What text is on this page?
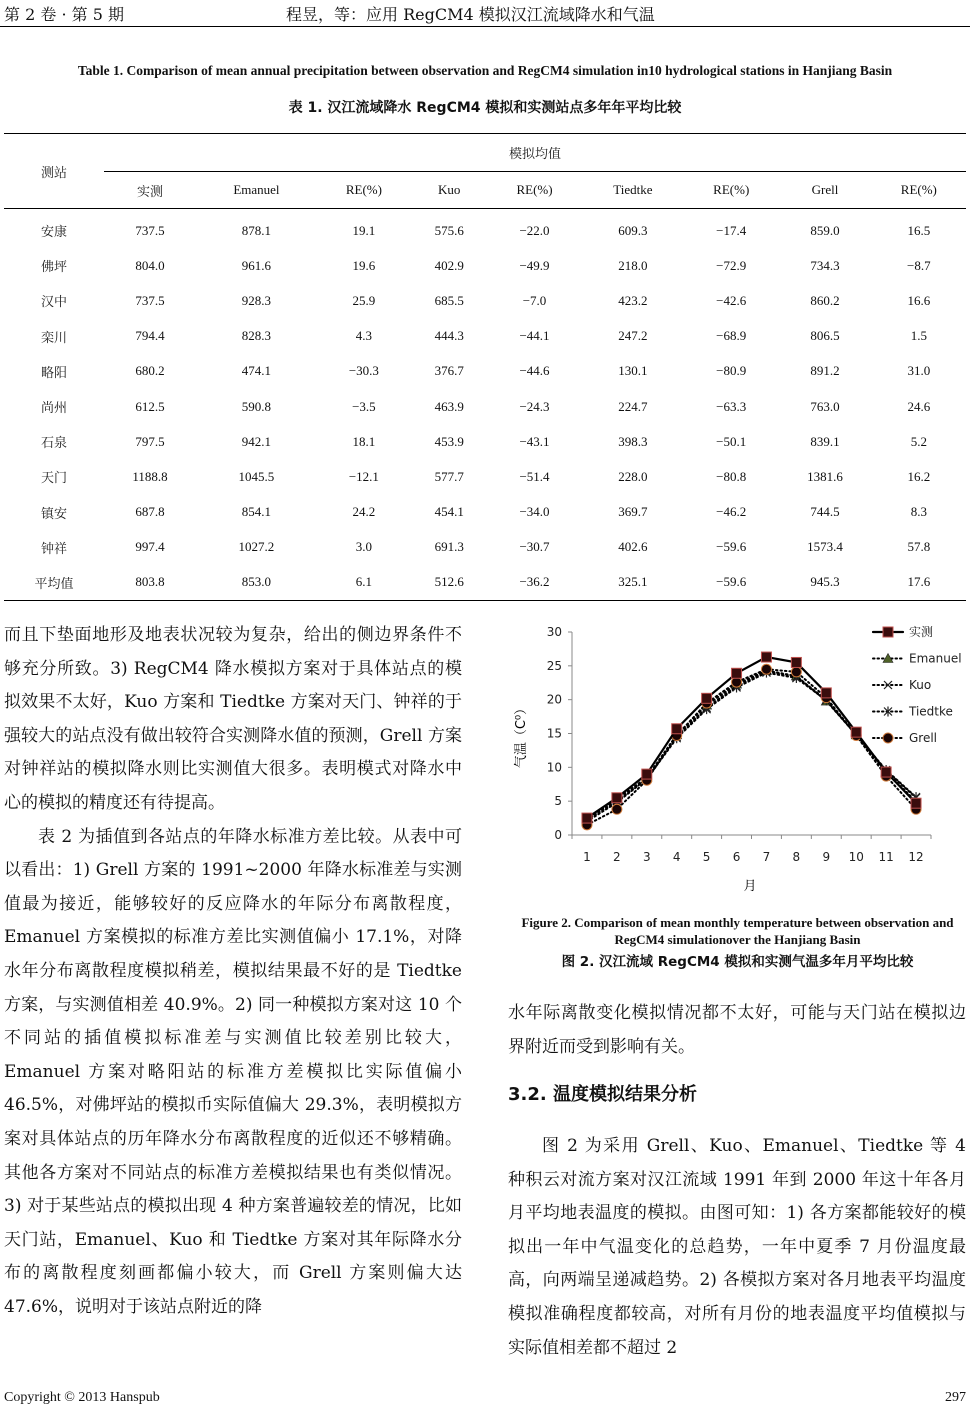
第 2 卷 · 第 5 期	程昱，等：应用 RegCM4 模拟汉江流域降水和气温
Table 1. Comparison of mean annual precipitation between observation and RegCM4 simulation in10 hydrological stations in Hanjiang Basin
表 1. 汉江流域降水 RegCM4 模拟和实测站点多年年平均比较
测站	模拟均值								
	实测	Emanuel	RE(%)	Kuo	RE(%)	Tiedtke	RE(%)	Grell	RE(%)
安康	737.5	878.1	19.1	575.6	−22.0	609.3	−17.4	859.0	16.5
佛坪	804.0	961.6	19.6	402.9	−49.9	218.0	−72.9	734.3	−8.7
汉中	737.5	928.3	25.9	685.5	−7.0	423.2	−42.6	860.2	16.6
栾川	794.4	828.3	4.3	444.3	−44.1	247.2	−68.9	806.5	1.5
略阳	680.2	474.1	−30.3	376.7	−44.6	130.1	−80.9	891.2	31.0
尚州	612.5	590.8	−3.5	463.9	−24.3	224.7	−63.3	763.0	24.6
石泉	797.5	942.1	18.1	453.9	−43.1	398.3	−50.1	839.1	5.2
天门	1188.8	1045.5	−12.1	577.7	−51.4	228.0	−80.8	1381.6	16.2
镇安	687.8	854.1	24.2	454.1	−34.0	369.7	−46.2	744.5	8.3
钟祥	997.4	1027.2	3.0	691.3	−30.7	402.6	−59.6	1573.4	57.8
平均值	803.8	853.0	6.1	512.6	−36.2	325.1	−59.6	945.3	17.6
而且下垫面地形及地表状况较为复杂，给出的侧边界条件不够充分所致。3) RegCM4 降水模拟方案对于具体站点的模拟效果不太好，Kuo 方案和 Tiedtke 方案对天门、钟祥的于强较大的站点没有做出较符合实测降水值的预测，Grell 方案对钟祥站的模拟降水则比实测值大很多。表明模式对降水中心的模拟的精度还有待提高。
表 2 为插值到各站点的年降水标准方差比较。从表中可以看出：1) Grell 方案的 1991~2000 年降水标准差与实测值最为接近，能够较好的反应降水的年际分布离散程度，Emanuel 方案模拟的标准方差比实测值偏小 17.1%，对降水年分布离散程度模拟稍差，模拟结果最不好的是 Tiedtke 方案，与实测值相差 40.9%。2) 同一种模拟方案对这 10 个不同站的插值模拟标准差与实测值比较差别比较大，Emanuel 方案对略阳站的标准方差模拟比实际值偏小 46.5%，对佛坪站的模拟币实际值偏大 29.3%，表明模拟方案对具体站点的历年降水分布离散程度的近似还不够精确。其他各方案对不同站点的标准方差模拟结果也有类似情况。3) 对于某些站点的模拟出现 4 种方案普遍较差的情况，比如天门站，Emanuel、Kuo 和 Tiedtke 方案对其年际降水分布的离散程度刻画都偏小较大，而 Grell 方案则偏大达 47.6%，说明对于该站点附近的降
0
5
10
15
20
25
30
1 2 3 4 5 6 7 8 9 10 11 12
实测
Emanuel
Kuo
Tiedtke
Grell
气温（C⁰）
月
Figure 2. Comparison of mean monthly temperature between observation and RegCM4 simulationover the Hanjiang Basin
图 2. 汉江流域 RegCM4 模拟和实测气温多年月平均比较
水年际离散变化模拟情况都不太好，可能与天门站在模拟边界附近而受到影响有关。
3.2. 温度模拟结果分析
图 2 为采用 Grell、Kuo、Emanuel、Tiedtke 等 4 种积云对流方案对汉江流域 1991 年到 2000 年这十年各月月平均地表温度的模拟。由图可知：1) 各方案都能较好的模拟出一年中气温变化的总趋势，一年中夏季 7 月份温度最高，向两端呈递减趋势。2) 各模拟方案对各月地表平均温度模拟准确程度都较高，对所有月份的地表温度平均值模拟与实际值相差都不超过 2
Copyright © 2013 Hanspub	297
